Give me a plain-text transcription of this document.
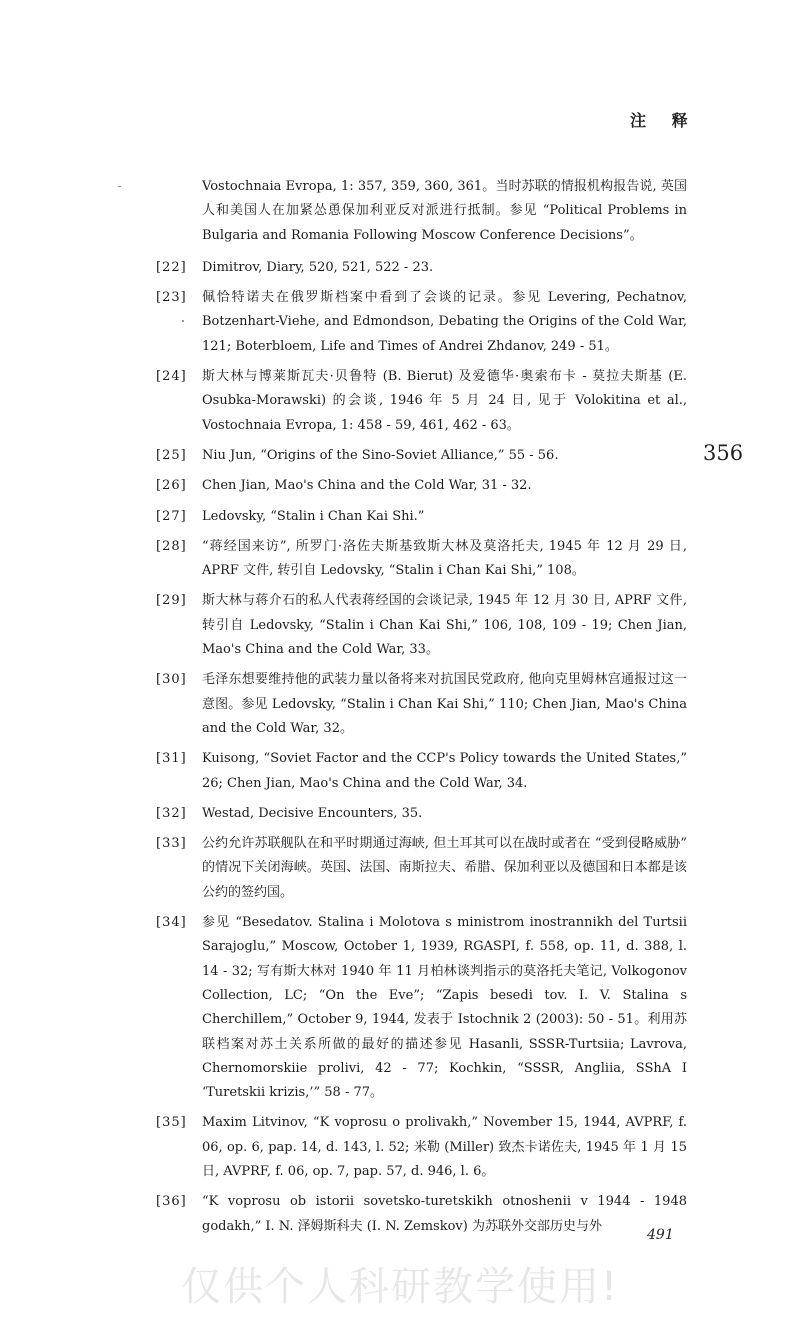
注 释
Vostochnaia Evropa, 1: 357, 359, 360, 361。当时苏联的情报机构报告说, 英国人和美国人在加紧怂恿保加利亚反对派进行抵制。参见 “Political Problems in Bulgaria and Romania Following Moscow Conference Decisions”。
[22]	Dimitrov, Diary, 520, 521, 522 - 23.
[23]	佩恰特诺夫在俄罗斯档案中看到了会谈的记录。参见 Levering, Pechatnov, Botzenhart-Viehe, and Edmondson, Debating the Origins of the Cold War, 121; Boterbloem, Life and Times of Andrei Zhdanov, 249 - 51。
[24]	斯大林与博莱斯瓦夫·贝鲁特 (B. Bierut) 及爱德华·奥索布卡 - 莫拉夫斯基 (E. Osubka-Morawski) 的会谈, 1946 年 5 月 24 日, 见于 Volokitina et al., Vostochnaia Evropa, 1: 458 - 59, 461, 462 - 63。
[25]	Niu Jun, “Origins of the Sino-Soviet Alliance,” 55 - 56.
[26]	Chen Jian, Mao's China and the Cold War, 31 - 32.
[27]	Ledovsky, “Stalin i Chan Kai Shi.”
[28]	“蒋经国来访”, 所罗门·洛佐夫斯基致斯大林及莫洛托夫, 1945 年 12 月 29 日, APRF 文件, 转引自 Ledovsky, “Stalin i Chan Kai Shi,” 108。
[29]	斯大林与蒋介石的私人代表蒋经国的会谈记录, 1945 年 12 月 30 日, APRF 文件, 转引自 Ledovsky, “Stalin i Chan Kai Shi,” 106, 108, 109 - 19; Chen Jian, Mao's China and the Cold War, 33。
[30]	毛泽东想要维持他的武装力量以备将来对抗国民党政府, 他向克里姆林宫通报过这一意图。参见 Ledovsky, “Stalin i Chan Kai Shi,” 110; Chen Jian, Mao's China and the Cold War, 32。
[31]	Kuisong, “Soviet Factor and the CCP's Policy towards the United States,” 26; Chen Jian, Mao's China and the Cold War, 34.
[32]	Westad, Decisive Encounters, 35.
[33]	公约允许苏联舰队在和平时期通过海峡, 但土耳其可以在战时或者在 “受到侵略威胁” 的情况下关闭海峡。英国、法国、南斯拉夫、希腊、保加利亚以及德国和日本都是该公约的签约国。
[34]	参见 “Besedatov. Stalina i Molotova s ministrom inostrannikh del Turtsii Sarajoglu,” Moscow, October 1, 1939, RGASPI, f. 558, op. 11, d. 388, l. 14 - 32; 写有斯大林对 1940 年 11 月柏林谈判指示的莫洛托夫笔记, Volkogonov Collection, LC; “On the Eve”; “Zapis besedi tov. I. V. Stalina s Cherchillem,” October 9, 1944, 发表于 Istochnik 2 (2003): 50 - 51。利用苏联档案对苏土关系所做的最好的描述参见 Hasanli, SSSR-Turtsiia; Lavrova, Chernomorskiie prolivi, 42 - 77; Kochkin, “SSSR, Angliia, SShA I ‘Turetskii krizis,’” 58 - 77。
[35]	Maxim Litvinov, “K voprosu o prolivakh,” November 15, 1944, AVPRF, f. 06, op. 6, pap. 14, d. 143, l. 52; 米勒 (Miller) 致杰卡诺佐夫, 1945 年 1 月 15 日, AVPRF, f. 06, op. 7, pap. 57, d. 946, l. 6。
[36]	“K voprosu ob istorii sovetsko-turetskikh otnoshenii v 1944 - 1948 godakh,” I. N. 泽姆斯科夫 (I. N. Zemskov) 为苏联外交部历史与外
356
491
仅供个人科研教学使用!
